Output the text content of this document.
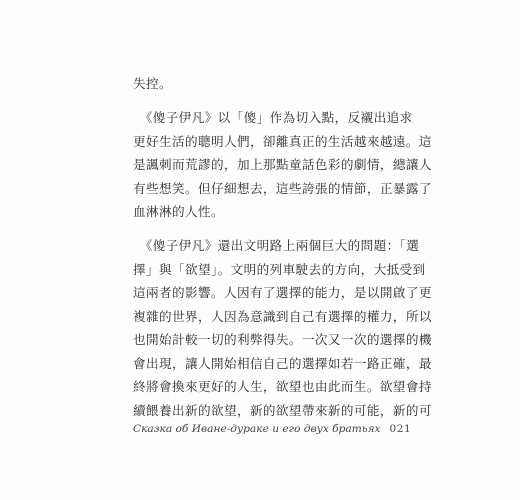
失控。
　《傻子伊凡》以「傻」作為切入點，反襯出追求
更好生活的聰明人們，卻離真正的生活越來越遠。這
是諷刺而荒謬的，加上那點童話色彩的劇情，總讓人
有些想笑。但仔細想去，這些誇張的情節，正暴露了
血淋淋的人性。
　《傻子伊凡》還出文明路上兩個巨大的問題：「選
擇」與「欲望」。文明的列車駛去的方向，大抵受到
這兩者的影響。人因有了選擇的能力，是以開啟了更
複雜的世界，人因為意識到自己有選擇的權力，所以
也開始計較一切的利弊得失。一次又一次的選擇的機
會出現，讓人開始相信自己的選擇如若一路正確，最
終將會換來更好的人生，欲望也由此而生。欲望會持
續餵養出新的欲望，新的欲望帶來新的可能，新的可
Сказка об Иване-дураке и его двух братьях 021
